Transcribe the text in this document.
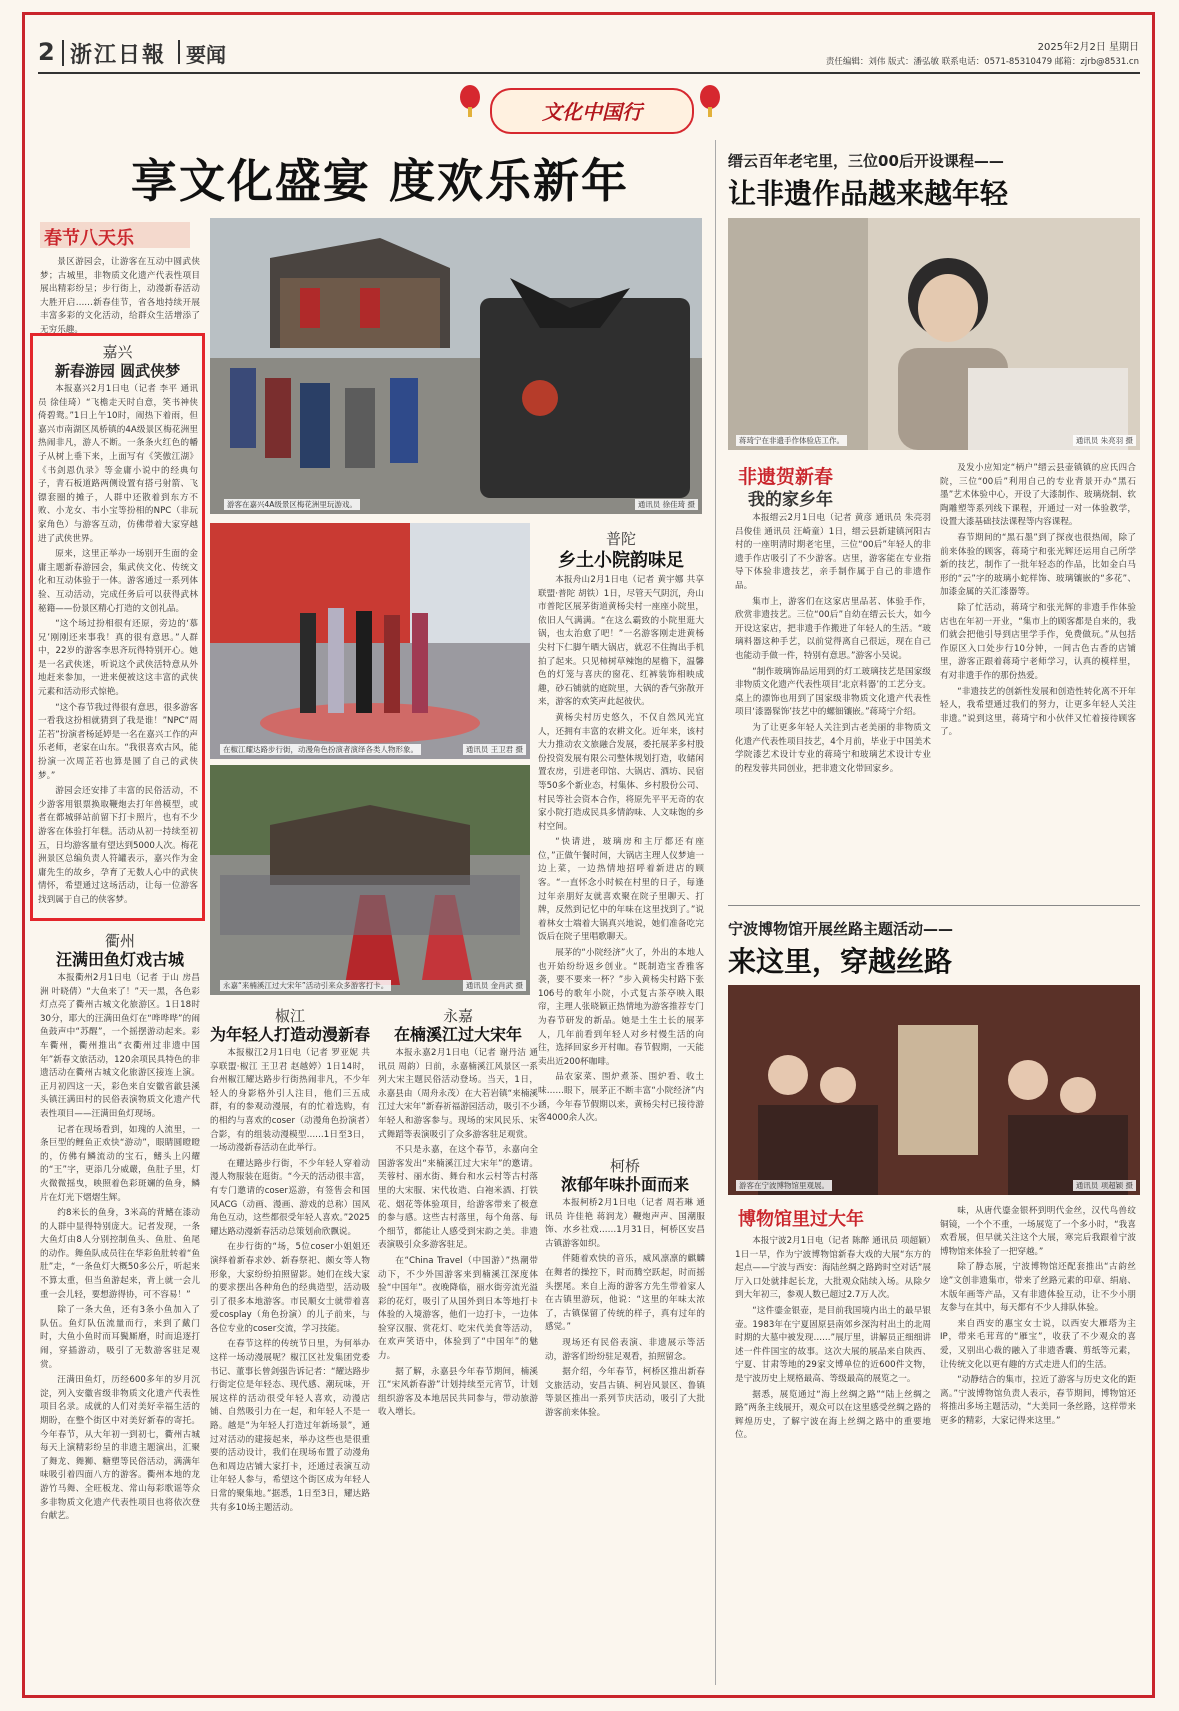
2 浙江日報 要闻	2025年2月2日 星期日
责任编辑：刘伟 版式：潘弘敏 联系电话：0571-85310479 邮箱：zjrb@8531.cn
文化中国行
享文化盛宴 度欢乐新年
春节八天乐

景区游园会，让游客在互动中圆武侠梦；古城里，非物质文化遗产代表性项目展出精彩纷呈；步行街上，动漫新春活动大胜开启……新春佳节，省各地持续开展丰富多彩的文化活动，给群众生活增添了无穷乐趣。

嘉兴
新春游园 圆武侠梦

本报嘉兴2月1日电（记者 李平 通讯员 徐佳琦）“飞檐走天时自意，笑书神侠倚碧鸳。”1日上午10时，闹热下着雨，但嘉兴市南湖区凤桥镇的4A级景区梅花洲里热闹非凡，游人不断。一条条火红色的幡子从树上垂下来，上面写有《笑傲江湖》《书剑恩仇录》等金庸小说中的经典句子，青石板道路两侧设置有搭弓射箭、飞镖套圈的摊子，人群中还散着到东方不败、小龙女、韦小宝等扮相的NPC（非玩家角色）与游客互动，仿佛带着大家穿越进了武侠世界。

原来，这里正举办一场别开生面的金庸主题新春游园会，集武侠文化、传统文化和互动体验于一体。游客通过一系列体验、互动活动，完成任务后可以获得武林秘籍——份景区精心打造的文创礼品。

“这个场过扮相很有还原，旁边的‘慕兄’刚刚还来事我！真的很有意思。”人群中，22岁的游客李思齐玩得特别开心。她是一名武侠迷，听说这个武侠活特意从外地赶来参加，一进来便被这这丰富的武侠元素和活动形式惊艳。

“这个春节我过得很有意思，很多游客一看我这扮相就猜到了我是谁！”NPC“周芷若”扮演者杨延婷是一名在嘉兴工作的声乐老师，老家在山东。“我很喜欢古风，能扮演一次周芷若也算是圆了自己的武侠梦。”

游园会还安排了丰富的民俗活动，不少游客用银票换取鞭炮去打年兽模型，或者在都城驿站前留下打卡照片，也有不少游客在体验打年糕。活动从初一持续至初五，日均游客量有望达到5000人次。梅花洲景区总编负责人符罐表示，嘉兴作为金庸先生的故乡，孕育了无数人心中的武侠情怀，希望通过这场活动，让每一位游客找到属于自己的侠客梦。

衢州
汪满田鱼灯戏古城

本报衢州2月1日电（记者 于山 房昌洲 叶晓倩）“大鱼来了！”天一黑，各色彩灯点亮了衢州古城文化旅游区。1日18时30分，耶大的汪满田鱼灯在“哗哗哗”的闹鱼鼓声中“苏醒”，一个摇摆游动起来。彩车衢州，衢州推出“衣衢州过非遗中国年”新春文旅活动，120余项民具特色的非遗活动在衢州古城文化旅游区接连上演。正月初四这一天，彩色来自安徽省歙县溪头镇汪满田村的民俗表演物质文化遗产代表性项目——汪满田鱼灯现场。

记者在现场看到，如瑰的人流里，一条巨型的鲤鱼正欢快“游动”，眼睛圆瞪瞪的，仿佛有鳞流动的宝石，鳍头上闪耀的“王”字，更添几分威嚴，鱼肚子里，灯火微微摇曳，映照着色彩斑斓的鱼身，鳞片在灯光下熠熠生辉。

约8米长的鱼身，3米高的背鳍在漆动的人群中显得特别庞大。记者发现，一条大鱼灯由8人分别控制鱼头、鱼肚、鱼尾的动作。舞鱼队成员往在华彩鱼肚转着“鱼肚”走，“一条鱼灯大概50多公斤，听起来不算太重，但当鱼游起来，背上就一会儿重一会儿轻，要想游得协，可不容易！”

除了一条大鱼，还有3条小鱼加入了队伍。鱼灯队伍流量而行，来到了戴门时，大鱼小鱼时而耳鬓厮磨，时而追逐打闹，穿插游动，吸引了无数游客驻足观赏。

汪满田鱼灯，历经600多年的岁月沉淀，列入安徽省级非物质文化遗产代表性项目名录。成就的人们对美好幸福生活的期盼，在整个街区中对美好新春的寄托。今年春节，从大年初一到初七，衢州古城每天上演精彩纷呈的非遗主题演出，汇聚了舞龙、舞狮、糖塑等民俗活动，满满年味吸引着四面八方的游客。衢州本地的龙游竹马舞、全旺板龙、常山每彩歌谣等众多非物质文化遗产代表性项目也将依次登台献艺。

游客在嘉兴4A级景区梅花洲里玩游戏。	通讯员 徐佳琦 摄
在椒江耀达路步行街，动漫角色扮演者演绎各类人物形象。	通讯员 王卫君 摄
永嘉“来楠溪江过大宋年”活动引来众多游客打卡。	通讯员 金肖武 摄
普陀
乡土小院韵味足

本报舟山2月1日电（记者 黄宇娜 共享联盟·普陀 胡铁）1日，尽管天气阴沉，舟山市普陀区展茅街道黄杨尖村一座座小院里，依旧人气满满。“在这么霸致的小院里逛大锅，也太治愈了吧！”一名游客刚走进黄杨尖村下仁脚午晒大锅店，就忍不住掏出手机拍了起来。只见柿树草辣饱的屋檐下，温馨色的灯笼与喜庆的窗花、红裤装饰相映成趣，砂石铺就的庭院里，大锅的香气弥散开来，游客的欢笑声此起彼伏。

黄杨尖村历史悠久，不仅自然风光宜人，还拥有丰富的农耕文化。近年来，该村大力推动农文旅融合发展，委托展茅多村股份投资发展有限公司整体规划打造，收储闲置农房，引进老印馆、大锅店、酒坊、民宿等50多个新业态，村集体、乡村股份公司、村民等社会资本合作，将原先平平无奇的农家小院打造成民具多情韵味、人文味饱的乡村空间。

“快请进，玻璃房和主厅都还有座位，”正做午餐时间，大锅店主理人仪梦迪一边上菜，一边热情地招呼着新进店的顾客。“一直怀念小时候在村里的日子，每逢过年亲朋好友就喜欢聚在院子里聊天、打牌，反然到记忆中的年味在这里找到了。”说着林女士端着大锅真兴地说，她们准备吃完饭后在院子里唱歌聊天。

展茅的“小院经济”火了，外出的本地人也开始纷纷返乡创业。“既制造宝香雅客袭，要不要来一杯？”步入黄杨尖村路下张106号的歌年小院，小式复古茶亭映入眼帘，主理人张晓颖正热情地为游客推荐专门为春节研发的新品。她是土生土长的展茅人，几年前看到年轻人对乡村慢生活的向往，选择回家乡开村咖。春节假期，一天能卖出近200杯咖啡。

品农家菜、围炉煮茶、围炉看、收土味……眼下，展茅正不断丰富“小院经济”内涵，今年春节假期以来，黄杨尖村已接待游客4000余人次。

椒江
为年轻人打造动漫新春

本报椒江2月1日电（记者 罗亚妮 共享联盟·椒江 王卫君 赵越婷）1日14时，台州椒江耀达路步行街热闹非凡，不少年轻人的身影格外引人注目，他们三五成群，有的参观动漫展，有的忙着选购，有的相约与喜欢的coser（动漫角色扮演者）合影，有的组装动漫模型……1日至3日，一场动漫新春活动在此举行。

在耀达路步行街，不少年轻人穿着动漫人物服装在逛街。“今天的活动很丰富，有专门邀请的coser巡游，有签售会和国风ACG（动画、漫画、游戏的总称）国风角色互动，这些都很受年轻人喜欢。”2025耀达路动漫新春活动总策划俞欣飘说。

在步行街的“场，5位coser小姐姐还演绎着新春求妙、新春祭祀、颇女等人物形象，大家纷纷拍照留影。她们在线大家的要求摆出各种角色的经典造型，活动吸引了很多本地游客。市民顺女士就带着喜爱cosplay（角色扮演）的儿子前来，与各位专业的coser交流，学习技能。

在春节这样的传统节日里，为何举办这样一场动漫展呢？椒江区社发集团党委书记、董事长曾剑强告诉记者：“耀达路步行街定位是年轻态、现代感、潮玩味，开展这样的活动很受年轻人喜欢，动漫店铺、自然吸引力在一起，和年轻人不是一路。越是“为年轻人打造过年新场景”，通过对活动的建接起来，举办这些也是很重要的活动设计，我们在现场布置了动漫角色和周边店铺大家打卡，还通过表演互动让年轻人参与，希望这个街区成为年轻人日常的聚集地。”据悉，1日至3日，耀达路共有多10场主题活动。

永嘉
在楠溪江过大宋年

本报永嘉2月1日电（记者 谢丹洁 通讯员 周韵）日前，永嘉楠溪江风景区一系列大宋主题民俗活动登场。当天，1日，永嘉县由（周舟永茂）在大若岩镇“来楠溪江过大宋年”新春祈福游园活动，吸引不少年轻人和游客参与。现场的宋风民乐、宋式舞蹈等表演吸引了众多游客驻足观赏。

不只是永嘉，在这个春节，永嘉向全国游客发出“来楠溪江过大宋年”的邀请。芙蓉村、丽水街、舞台和水云村等古村落里的大宋服、宋代妆造、白袍米酒、打铁花、烟花等体验项目，给游客带来了极意的参与感。这些古村落里，每个角落、每个细节，都能让人感受到宋韵之美。非遗表演吸引众多游客驻足。

在“China Travel（中国游）”热潮带动下，不少外国游客来到楠溪江深度体验“中国年”。夜晚降临，丽水街旁流光溢彩的花灯，吸引了从国外到日本等地打卡体验的入境游客，他们一边打卡，一边体验穿汉服、赏花灯、吃宋代美食等活动，在欢声笑语中，体验到了“中国年”的魅力。

据了解，永嘉县今年春节期间，楠溪江“宋风新春游”计划持续至元宵节，计划组织游客及本地居民共同参与，带动旅游收入增长。

柯桥
浓郁年味扑面而来

本报柯桥2月1日电（记者 周若琳 通讯员 许佳艳 蒋润龙）鞭炮声声、国潮服饰、水乡社戏……1月31日，柯桥区安昌古镇游客如织。

伴随着欢快的音乐，威风凛凛的麒麟在舞者的操控下，时而腾空跃起，时而摇头摆尾。来自上海的游客方先生带着家人在古镇里游玩，他说：“这里的年味太浓了，古镇保留了传统的样子，真有过年的感觉。”

现场还有民俗表演、非遗展示等活动，游客们纷纷驻足观看，拍照留念。

据介绍，今年春节，柯桥区推出新春文旅活动，安昌古镇、柯岩风景区、鲁镇等景区推出一系列节庆活动，吸引了大批游客前来体验。

缙云百年老宅里，三位00后开设课程——
让非遗作品越来越年轻
蒋琦宁在非遗手作体验店工作。	通讯员 朱亮羽 摄
非遗贺新春
我的家乡年

本报缙云2月1日电（记者 黄彦 通讯员 朱亮羽 吕俊佳 通讯员 汪崎童）1日，缙云县新建镇河阳古村的一座明清时期老宅里，三位“00后”年轻人的非遗手作店吸引了不少游客。店里，游客能在专业指导下体验非遗技艺，亲手制作属于自己的非遗作品。

集市上，游客们在这家店里品茗、体验手作，欣赏非遗技艺。三位“00后”自幼在缙云长大，如今开设这家店，把非遗手作搬进了年轻人的生活。“玻璃料器这种手艺，以前觉得离自己很远，现在自己也能动手做一件，特别有意思。”游客小吴说。

“制作玻璃饰品运用到的灯工玻璃技艺是国家级非物质文化遗产代表性项目‘北京料器’的工艺分支。桌上的漂饰也用到了国家级非物质文化遗产代表性项目‘漆器髹饰’技艺中的螺钿镶嵌。”蒋琦宁介绍。

为了让更多年轻人关注到古老美丽的非物质文化遗产代表性项目技艺，4个月前，毕业于中国美术学院漆艺术设计专业的蒋琦宁和玻璃艺术设计专业的程发蓉共同创业，把非遗文化带回家乡。

及发小应知定“柄户”缙云县壶镇镇的应氏四合院，三位“00后”利用自己的专业背景开办“黑石墨”艺术体验中心，开设了大漆制作、玻璃烧制、软陶雕塑等系列线下课程，开通过一对一体验教学，设置大漆基础技法课程等内容课程。

春节期间的“黑石墨”到了探夜也很热闹，除了前来体验的顾客，蒋琦宁和张光辉还运用自己所学新的技艺，制作了一批年轻态的作品，比如金白马形的“云”字的玻璃小蛇样饰、玻璃镶嵌的“多花”、加漆金属的关汇漆器等。

除了忙活动，蒋琦宁和张光辉的非遗手作体验店也在年初一开业，“集市上的顾客都是自来的，我们就会把他引导到店里学手作，免费做玩。”从包括作原区入口处步行10分钟，一间古色古香的店铺里，游客正跟着蒋琦宁老师学习，认真的模样里，有对非遗手作的那份热爱。

“非遗技艺的创新性发展和创造性转化离不开年轻人，我希望通过我们的努力，让更多年轻人关注非遗。”说到这里，蒋琦宁和小伙伴又忙着接待顾客了。

宁波博物馆开展丝路主题活动——
来这里，穿越丝路
游客在宁波博物馆里观展。	通讯员 项超颖 摄
博物馆里过大年

本报宁波2月1日电（记者 陈醉 通讯员 项超颖）1日一早，作为宁波博物馆新春大戏的大展“东方的起点——宁波与西安：海陆丝绸之路跨时空对话”展厅入口处就排起长龙，大批观众陆续入场。从除夕到大年初三，参观人数已超过2.7万人次。

“这件鎏金银壶，是目前我国境内出土的最早银壶。1983年在宁夏固原县南郊乡深沟村出土的北周时期的大墓中被发现……”展厅里，讲解员正细细讲述一件件国宝的故事。这次大展的展品来自陕西、宁夏、甘肃等地的29家文博单位的近600件文物，是宁波历史上规格最高、等级最高的展览之一。

据悉，展览通过“海上丝绸之路”“陆上丝绸之路”两条主线展开，观众可以在这里感受丝绸之路的辉煌历史，了解宁波在海上丝绸之路中的重要地位。

味，从唐代鎏金银杯到明代金丝，汉代鸟兽纹铜镜，一个个不重，一场展览了一个多小时，“我喜欢看展，但早就关注这个大展，寒完后我跟着宁波博物馆来体验了一把穿越。”

除了静态展，宁波博物馆还配套推出“古韵丝途”文创非遗集市，带来了丝路元素的印章、绢扇、木版年画等产品，又有非遗体验互动，让不少小朋友参与在其中，每天都有不少人排队体验。

来自西安的惠宝女士说，以西安大雁塔为主IP，带来毛茸茸的“雁宝”，收获了不少观众的喜爱，又别出心裁的融入了非遗香囊、剪纸等元素，让传统文化以更有趣的方式走进人们的生活。

“动静结合的集市，拉近了游客与历史文化的距离。”宁波博物馆负责人表示，春节期间，博物馆还将推出多场主题活动，“大美同一条丝路，这样带来更多的精彩，大家记得来这里。”
